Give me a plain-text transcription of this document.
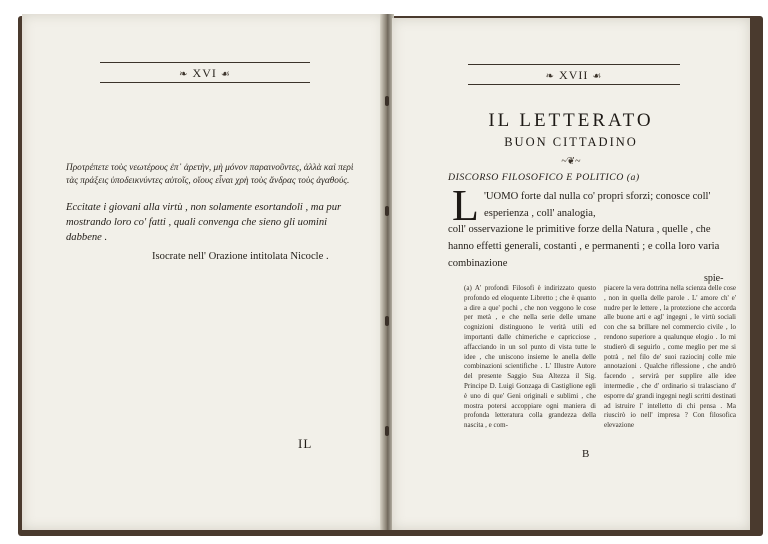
❧ XVI ☙
Προτρέπετε τοὺς νεωτέρους ἐπ᾽ ἀρετὴν, μὴ μόνον παραινοῦντες, ἀλλὰ καὶ περὶ τὰς πράξεις ὑποδεικνύντες αὐτοῖς, οἵους εἶναι χρὴ τοὺς ἄνδρας τοὺς ἀγαθούς.
Eccitate i giovani alla virtù , non solamente esortandoli , ma pur mostrando loro co' fatti , quali convenga che sieno gli uomini dabbene .
Isocrate nell' Orazione intitolata Nicocle .
IL
❧ XVII ☙
IL LETTERATO
BUON CITTADINO
~❦~
DISCORSO FILOSOFICO E POLITICO (a)
L 'UOMO forte dal nulla co' propri sforzi; conosce coll' esperienza , coll' analogia,
coll' osservazione le primitive forze della Natura , quelle , che hanno effetti generali, costanti , e permanenti ; e colla loro varia combinazione
spie-
(a) A' profondi Filosofi è indirizzato questo profondo ed eloquente Libretto ; che è quanto a dire a que' pochi , che non veggono le cose per metà , e che nella serie delle umane cognizioni distinguono le verità utili ed importanti dalle chimeriche e capricciose , affacciando in un sol punto di vista tutte le idee , che uniscono insieme le anella delle combinazioni scientifiche . L' Illustre Autore del presente Saggio Sua Altezza il Sig. Principe D. Luigi Gonzaga di Castiglione egli è uno di que' Geni originali e sublimi , che mostra potersi accoppiare ogni maniera di profonda letteratura colla grandezza della nascita , e com-
piacere la vera dottrina nella scienza delle cose , non in quella delle parole . L' amore ch' e' nudre per le lettere , la protezione che accorda alle buone arti e agl' ingegni , le virtù sociali con che sa brillare nel commercio civile , lo rendono superiore a qualunque elogio . Io mi studierò di seguirlo , come meglio per me si potrà , nel filo de' suoi raziocinj colle mie annotazioni . Qualche riflessione , che andrò facendo , servirà per supplire alle idee intermedie , che d' ordinario si tralasciano d' esporre da' grandi ingegni negli scritti destinati ad istruire l' intelletto di chi pensa . Ma riuscirò io nell' impresa ? Con filosofica elevazione
B
